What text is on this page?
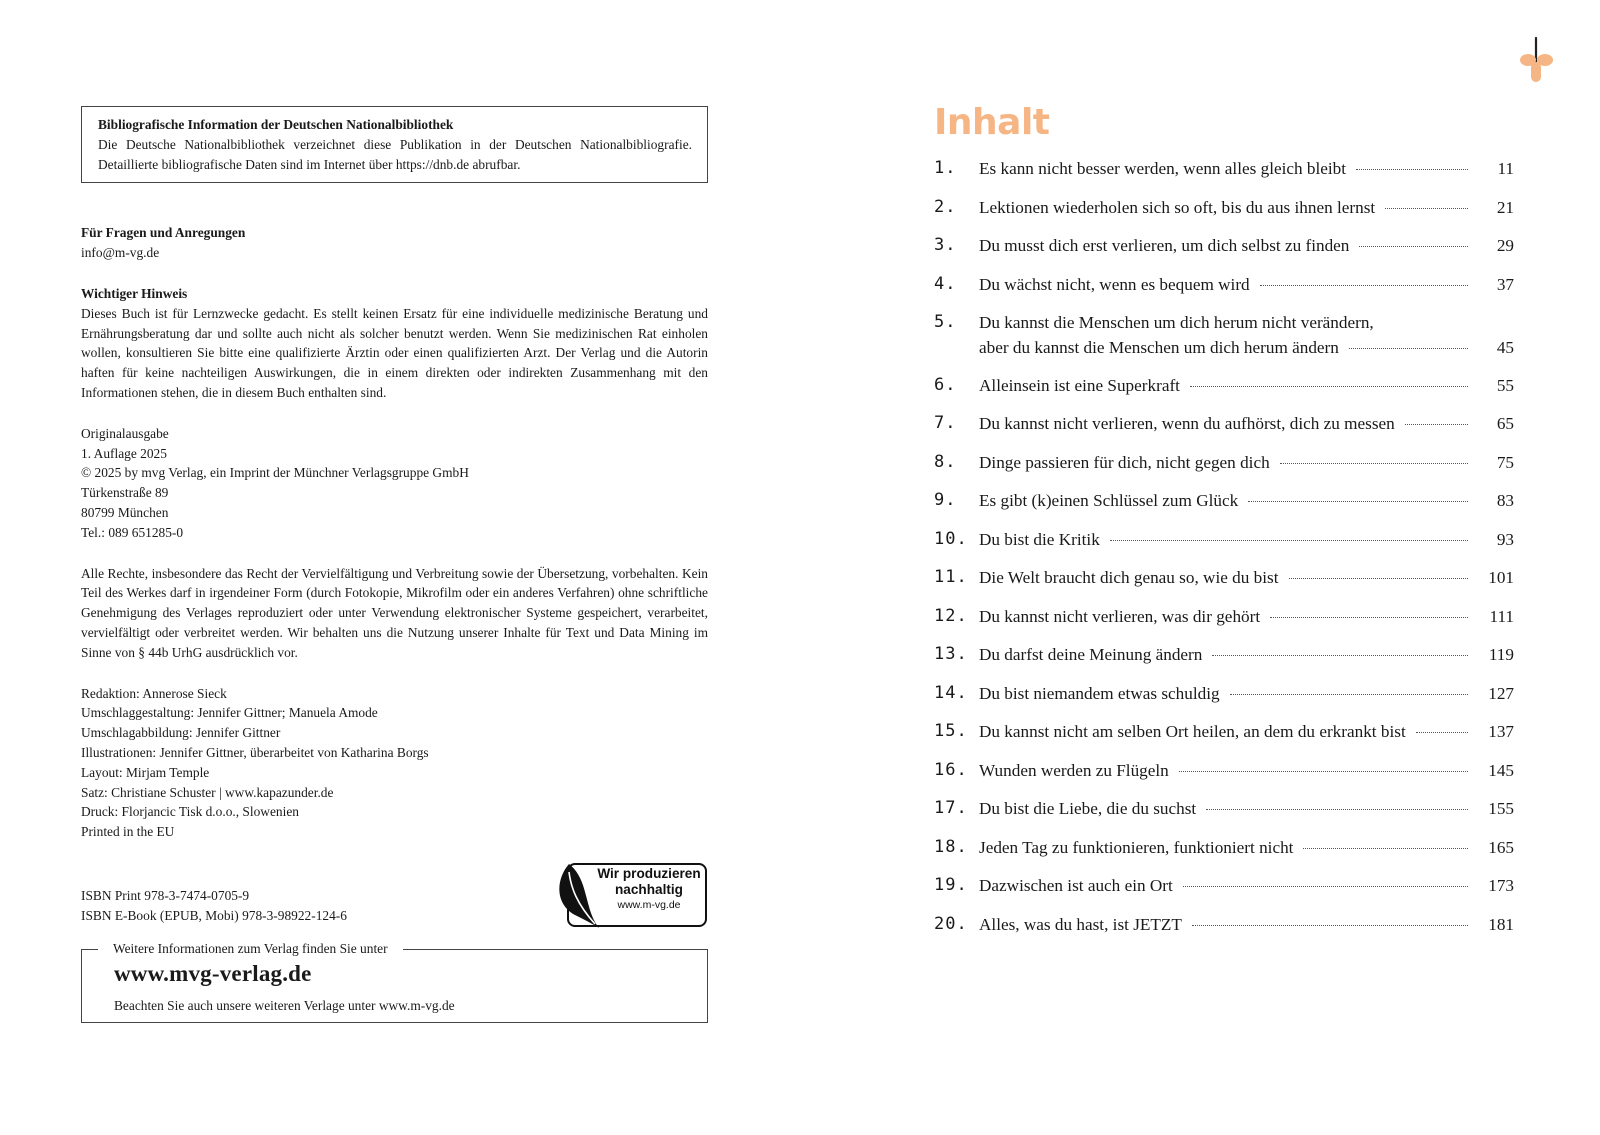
Bibliografische Information der Deutschen Nationalbibliothek
Die Deutsche Nationalbibliothek verzeichnet diese Publikation in der Deutschen Nationalbibliografie. Detaillierte bibliografische Daten sind im Internet über https://dnb.de abrufbar.
Für Fragen und Anregungen
info@m-vg.de
Wichtiger Hinweis
Dieses Buch ist für Lernzwecke gedacht. Es stellt keinen Ersatz für eine individuelle medizinische Beratung und Ernährungsberatung dar und sollte auch nicht als solcher benutzt werden. Wenn Sie medizinischen Rat einholen wollen, konsultieren Sie bitte eine qualifizierte Ärztin oder einen qualifizierten Arzt. Der Verlag und die Autorin haften für keine nachteiligen Auswirkungen, die in einem direkten oder indirekten Zusammenhang mit den Informationen stehen, die in diesem Buch enthalten sind.
Originalausgabe
1. Auflage 2025
© 2025 by mvg Verlag, ein Imprint der Münchner Verlagsgruppe GmbH
Türkenstraße 89
80799 München
Tel.: 089 651285-0
Alle Rechte, insbesondere das Recht der Vervielfältigung und Verbreitung sowie der Übersetzung, vorbehalten. Kein Teil des Werkes darf in irgendeiner Form (durch Fotokopie, Mikrofilm oder ein anderes Verfahren) ohne schriftliche Genehmigung des Verlages reproduziert oder unter Verwendung elektronischer Systeme gespeichert, verarbeitet, vervielfältigt oder verbreitet werden. Wir behalten uns die Nutzung unserer Inhalte für Text und Data Mining im Sinne von § 44b UrhG ausdrücklich vor.
Redaktion: Annerose Sieck
Umschlaggestaltung: Jennifer Gittner; Manuela Amode
Umschlagabbildung: Jennifer Gittner
Illustrationen: Jennifer Gittner, überarbeitet von Katharina Borgs
Layout: Mirjam Temple
Satz: Christiane Schuster | www.kapazunder.de
Druck: Florjancic Tisk d.o.o., Slowenien
Printed in the EU
ISBN Print 978-3-7474-0705-9
ISBN E-Book (EPUB, Mobi) 978-3-98922-124-6
Wir produzieren
nachhaltig
www.m-vg.de
Weitere Informationen zum Verlag finden Sie unter
www.mvg-verlag.de
Beachten Sie auch unsere weiteren Verlage unter www.m-vg.de
Inhalt
1.	Es kann nicht besser werden, wenn alles gleich bleibt	11
2.	Lektionen wiederholen sich so oft, bis du aus ihnen lernst	21
3.	Du musst dich erst verlieren, um dich selbst zu finden	29
4.	Du wächst nicht, wenn es bequem wird	37
5.	Du kannst die Menschen um dich herum nicht verändern,
aber du kannst die Menschen um dich herum ändern	45
6.	Alleinsein ist eine Superkraft	55
7.	Du kannst nicht verlieren, wenn du aufhörst, dich zu messen	65
8.	Dinge passieren für dich, nicht gegen dich	75
9.	Es gibt (k)einen Schlüssel zum Glück	83
10. Du bist die Kritik	93
11. Die Welt braucht dich genau so, wie du bist	101
12. Du kannst nicht verlieren, was dir gehört	111
13. Du darfst deine Meinung ändern	119
14. Du bist niemandem etwas schuldig	127
15. Du kannst nicht am selben Ort heilen, an dem du erkrankt bist	137
16. Wunden werden zu Flügeln	145
17. Du bist die Liebe, die du suchst	155
18. Jeden Tag zu funktionieren, funktioniert nicht	165
19. Dazwischen ist auch ein Ort	173
20. Alles, was du hast, ist JETZT	181
